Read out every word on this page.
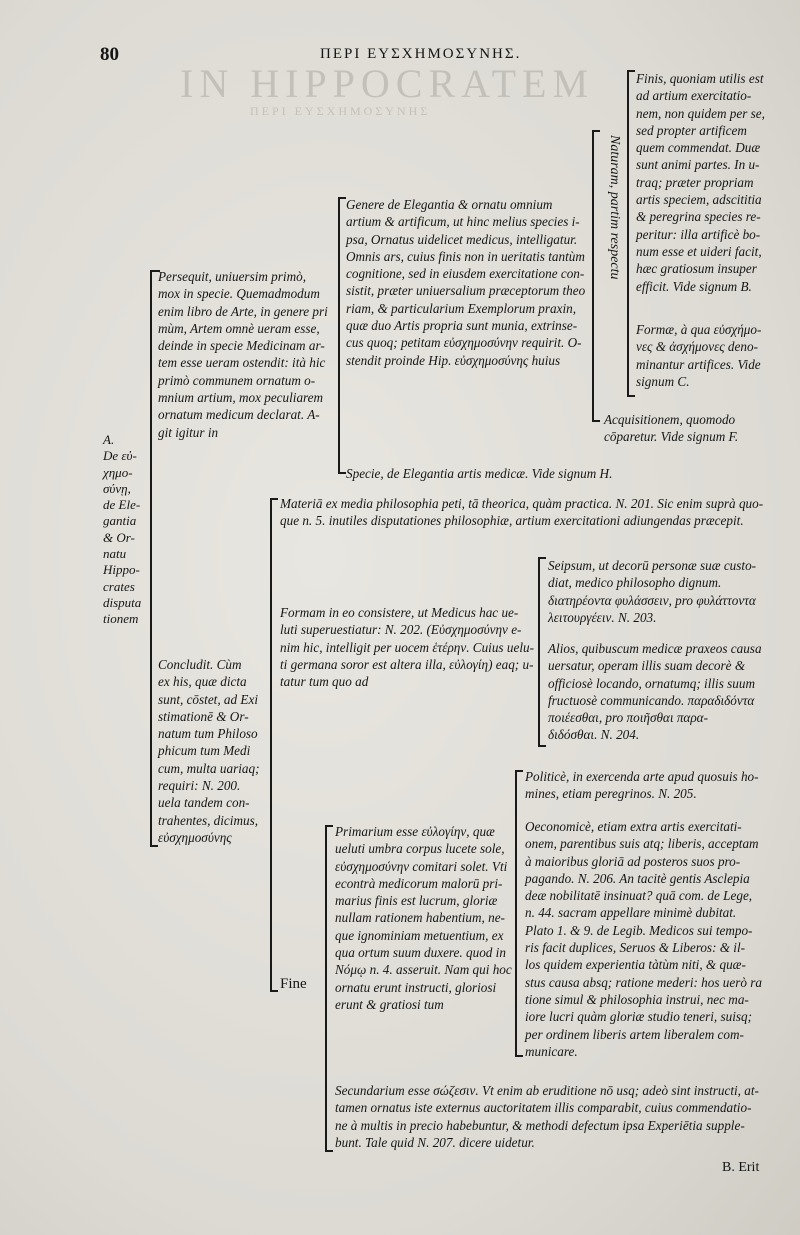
IN HIPPOCRATEM
ΠΕΡΙ ΕΥΣΧΗΜΟΣΥΝΗΣ
80	ΠΕΡΙ ΕΥΣΧΗΜΟΣΥΝΗΣ.
A.
De εὐ-
χημο-
σύνῃ,
de Ele-
gantia
& Or-
natu
Hippo-
crates
disputa
tionem
Persequit, uniuersim primò,
mox in specie. Quemadmodum
enim libro de Arte, in genere pri
mùm, Artem omnè ueram esse,
deinde in specie Medicinam ar-
tem esse ueram ostendit: ità hic
primò communem ornatum o-
mnium artium, mox peculiarem
ornatum medicum declarat. A-
git igitur in
Genere de Elegantia & ornatu omnium
artium & artificum, ut hinc melius species i-
psa, Ornatus uidelicet medicus, intelligatur.
Omnis ars, cuius finis non in ueritatis tantùm
cognitione, sed in eiusdem exercitatione con-
sistit, præter uniuersalium præceptorum theo
riam, & particularium Exemplorum praxin,
quæ duo Artis propria sunt munia, extrinse-
cus quoq; petitam εὐσχημοσύνην requirit. O-
stendit proinde Hip. εὐσχημοσύνης huius
Naturam, partim respectu
Finis, quoniam utilis est
ad artium exercitatio-
nem, non quidem per se,
sed propter artificem
quem commendat. Duæ
sunt animi partes. In u-
traq; præter propriam
artis speciem, adscititia
& peregrina species re-
peritur: illa artificè bo-
num esse et uideri facit,
hæc gratiosum insuper
efficit. Vide signum B.
Formæ, à qua εὐσχήμο-
νες & ἀσχήμονες deno-
minantur artifices. Vide
signum C.
Acquisitionem, quomodo
cōparetur. Vide signum F.
Specie, de Elegantia artis medicæ. Vide signum H.
Concludit. Cùm
ex his, quæ dicta
sunt, cōstet, ad Exi
stimationē & Or-
natum tum Philoso
phicum tum Medi
cum, multa uariaq;
requiri: N. 200.
uela tandem con-
trahentes, dicimus,
εὐσχημοσύνης
Materiā ex media philosophia peti, tā theorica, quàm practica. N. 201. Sic enim suprà quo-
que n. 5. inutiles disputationes philosophiæ, artium exercitationi adiungendas præcepit.
Formam in eo consistere, ut Medicus hac ue-
luti superuestiatur: N. 202. (Εὐσχημοσύνην e-
nim hic, intelligit per uocem ἑτέρην. Cuius uelu-
ti germana soror est altera illa, εὐλογίη) eaq; u-
tatur tum quo ad
Seipsum, ut decorū personæ suæ custo-
diat, medico philosopho dignum. διατηρέοντα φυλάσσειν, pro φυλάττοντα
λειτουργέειν. N. 203.
Alios, quibuscum medicæ praxeos causa
uersatur, operam illis suam decorè &
officiosè locando, ornatumq; illis suum
fructuosè communicando. παραδιδόντα ποιέεσθαι, pro ποιῆσθαι παρα-
διδόσθαι. N. 204.
Fine
Primarium esse εὐλογίην, quæ
ueluti umbra corpus lucete sole,
εὐσχημοσύνην comitari solet. Vti
econtrà medicorum malorū pri-
marius finis est lucrum, gloriæ
nullam rationem habentium, ne-
que ignominiam metuentium, ex
qua ortum suum duxere. quod in
Νόμῳ n. 4. asseruit. Nam qui hoc
ornatu erunt instructi, gloriosi
erunt & gratiosi tum
Politicè, in exercenda arte apud quosuis ho-
mines, etiam peregrinos. N. 205.
Oeconomicè, etiam extra artis exercitati-
onem, parentibus suis atq; liberis, acceptam
à maioribus gloriā ad posteros suos pro-
pagando. N. 206. An tacitè gentis Asclepia
deæ nobilitatē insinuat? quā com. de Lege,
n. 44. sacram appellare minimè dubitat.
Plato 1. & 9. de Legib. Medicos sui tempo-
ris facit duplices, Seruos & Liberos: & il-
los quidem experientia tàtùm niti, & quæ-
stus causa absq; ratione mederi: hos uerò ra
tione simul & philosophia instrui, nec ma-
iore lucri quàm gloriæ studio teneri, suisq;
per ordinem liberis artem liberalem com-
municare.
Secundarium esse σώζεσιν. Vt enim ab eruditione nō usq; adeò sint instructi, at-
tamen ornatus iste externus auctoritatem illis comparabit, cuius commendatio-
ne à multis in precio habebuntur, & methodi defectum ipsa Experiētia supple-
bunt. Tale quid N. 207. dicere uidetur.
B. Erit
